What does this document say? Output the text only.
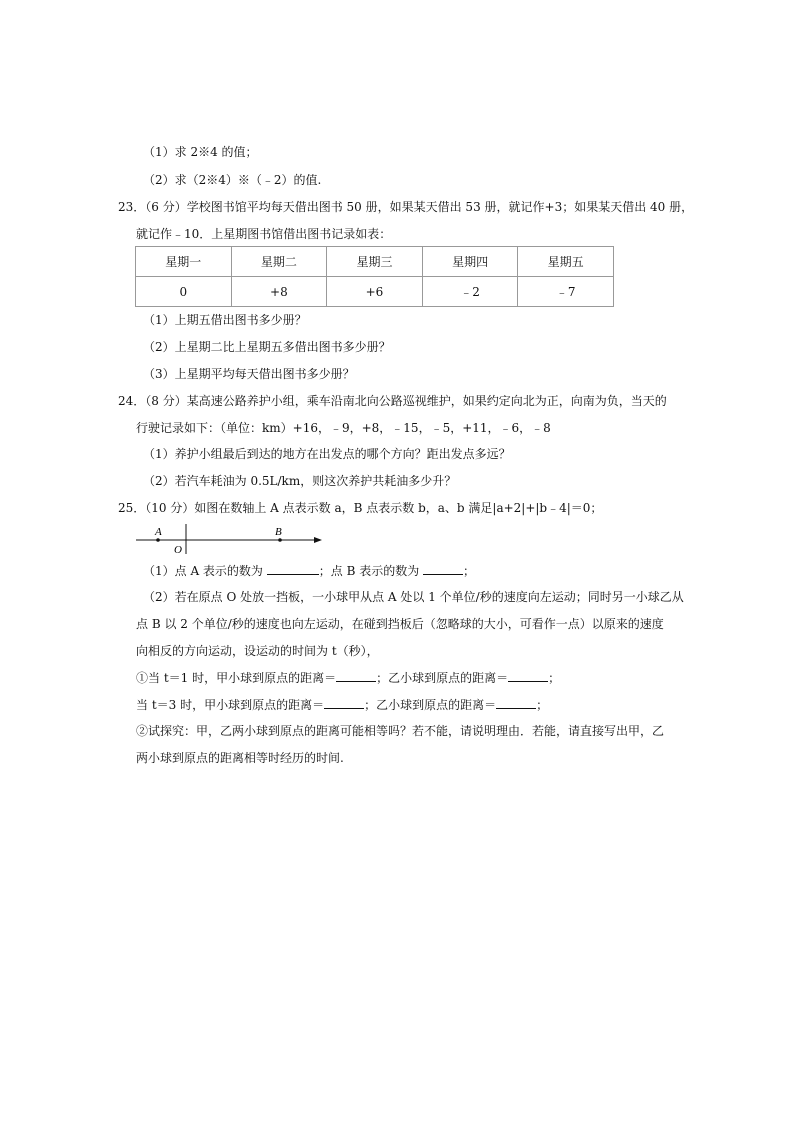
（1）求 2※4 的值；
（2）求（2※4）※（﹣2）的值.
23．（6 分）学校图书馆平均每天借出图书 50 册，如果某天借出 53 册，就记作+3；如果某天借出 40 册，
就记作﹣10．上星期图书馆借出图书记录如表：
星期一	星期二	星期三	星期四	星期五
0	+8	+6	﹣2	﹣7
（1）上期五借出图书多少册？
（2）上星期二比上星期五多借出图书多少册？
（3）上星期平均每天借出图书多少册？
24．（8 分）某高速公路养护小组，乘车沿南北向公路巡视维护，如果约定向北为正，向南为负，当天的
行驶记录如下：（单位：km）+16，﹣9，+8，﹣15，﹣5，+11，﹣6，﹣8
（1）养护小组最后到达的地方在出发点的哪个方向？距出发点多远？
（2）若汽车耗油为 0.5L/km，则这次养护共耗油多少升？
25．（10 分）如图在数轴上 A 点表示数 a，B 点表示数 b，a、b 满足|a+2|+|b﹣4|＝0；
A	B
O
（1）点 A 表示的数为	；点 B 表示的数为	；
（2）若在原点 O 处放一挡板，一小球甲从点 A 处以 1 个单位/秒的速度向左运动；同时另一小球乙从
点 B 以 2 个单位/秒的速度也向左运动，在碰到挡板后（忽略球的大小，可看作一点）以原来的速度
向相反的方向运动，设运动的时间为 t（秒），
①当 t＝1 时，甲小球到原点的距离＝	；乙小球到原点的距离＝	；
当 t＝3 时，甲小球到原点的距离＝	；乙小球到原点的距离＝	；
②试探究：甲，乙两小球到原点的距离可能相等吗？若不能，请说明理由．若能，请直接写出甲，乙
两小球到原点的距离相等时经历的时间.
